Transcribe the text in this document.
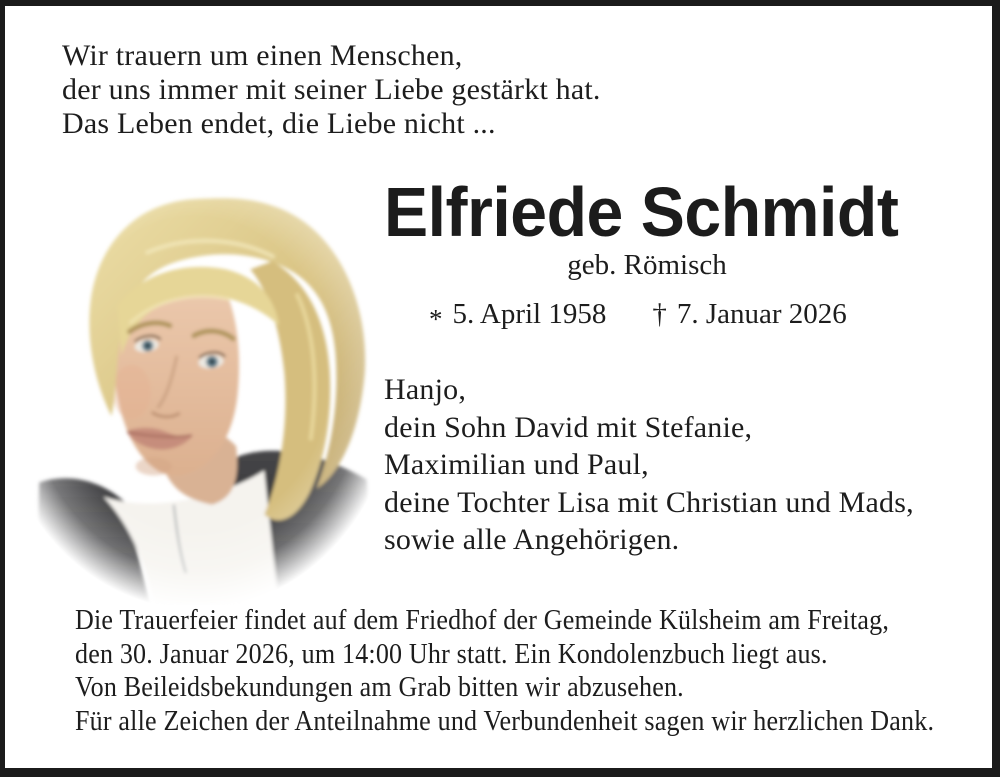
Wir trauern um einen Menschen,
der uns immer mit seiner Liebe gestärkt hat.
Das Leben endet, die Liebe nicht ...
Elfriede Schmidt
geb. Römisch
* 5. April 1958 † 7. Januar 2026
Hanjo,
dein Sohn David mit Stefanie,
Maximilian und Paul,
deine Tochter Lisa mit Christian und Mads,
sowie alle Angehörigen.
Die Trauerfeier findet auf dem Friedhof der Gemeinde Külsheim am Freitag,
den 30. Januar 2026, um 14:00 Uhr statt. Ein Kondolenzbuch liegt aus.
Von Beileidsbekundungen am Grab bitten wir abzusehen.
Für alle Zeichen der Anteilnahme und Verbundenheit sagen wir herzlichen Dank.
